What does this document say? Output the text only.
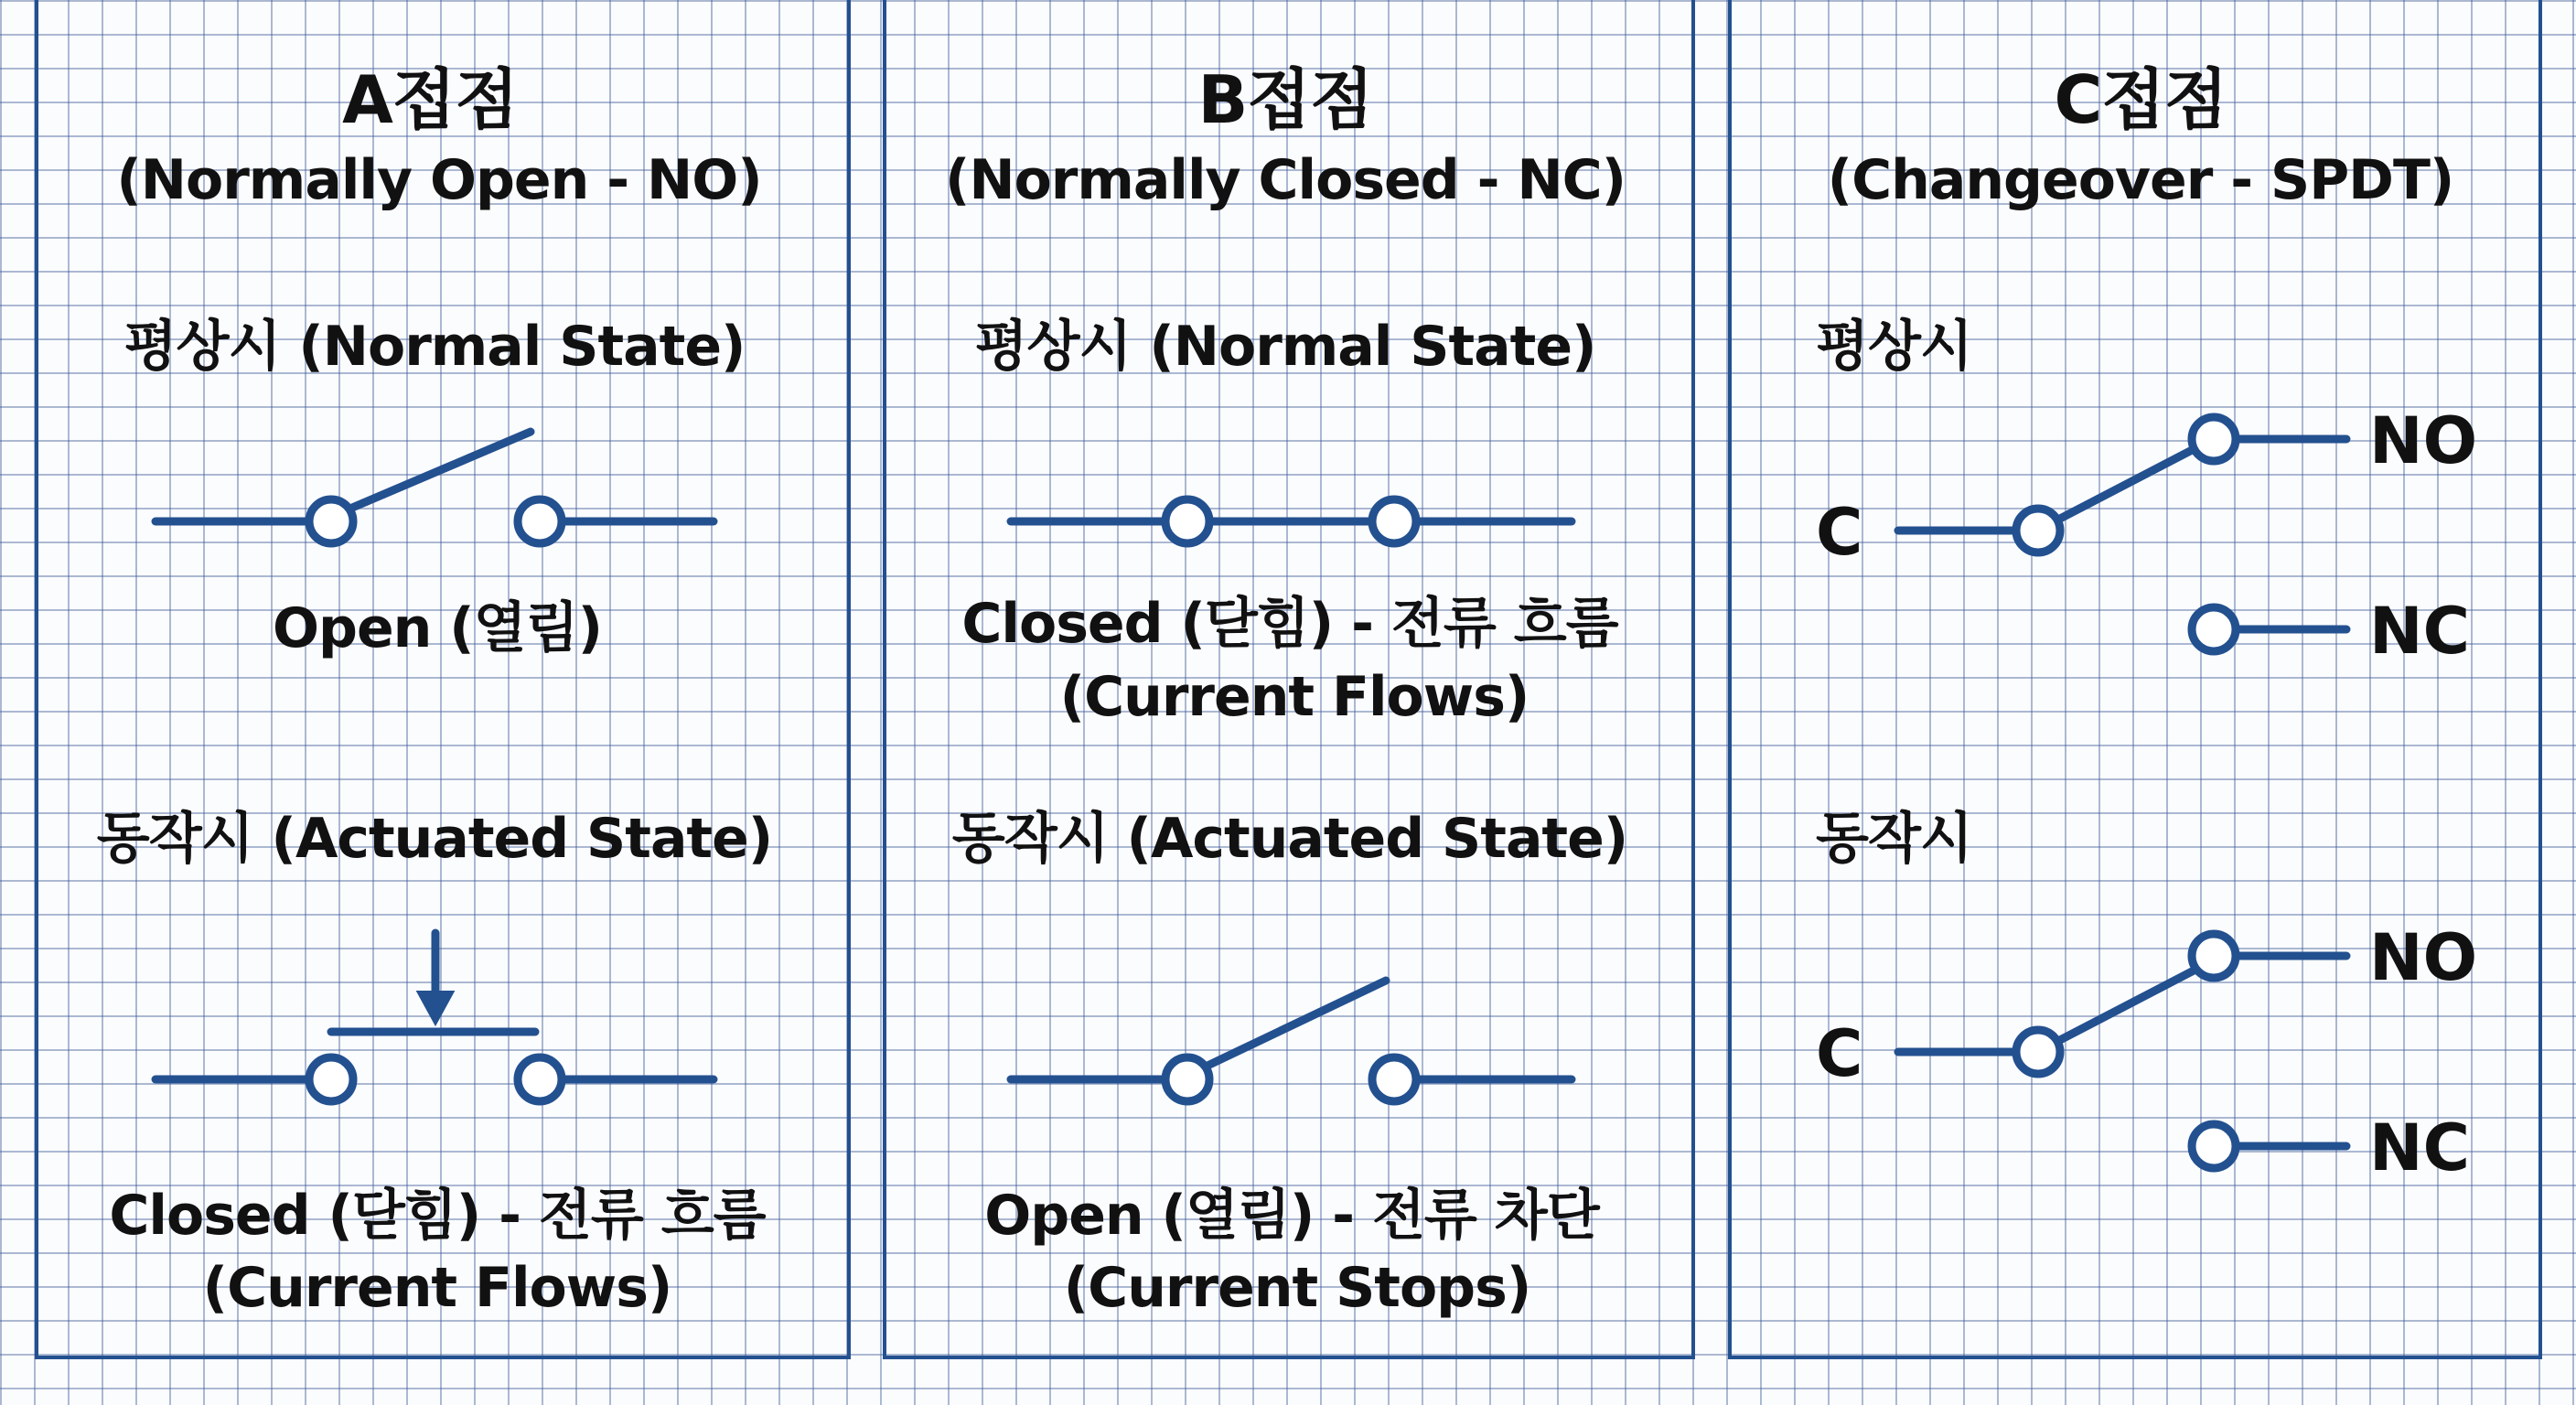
A접점
(Normally Open - NO)
평상시 (Normal State)
Open (열림)
동작시 (Actuated State)
Closed (닫힘) - 전류 흐름
(Current Flows)
B접점
(Normally Closed - NC)
평상시 (Normal State)
Closed (닫힘) - 전류 흐름
(Current Flows)
동작시 (Actuated State)
Open (열림) - 전류 차단
(Current Stops)
C접점
(Changeover - SPDT)
평상시
동작시
C
NO
NC
C
NO
NC
